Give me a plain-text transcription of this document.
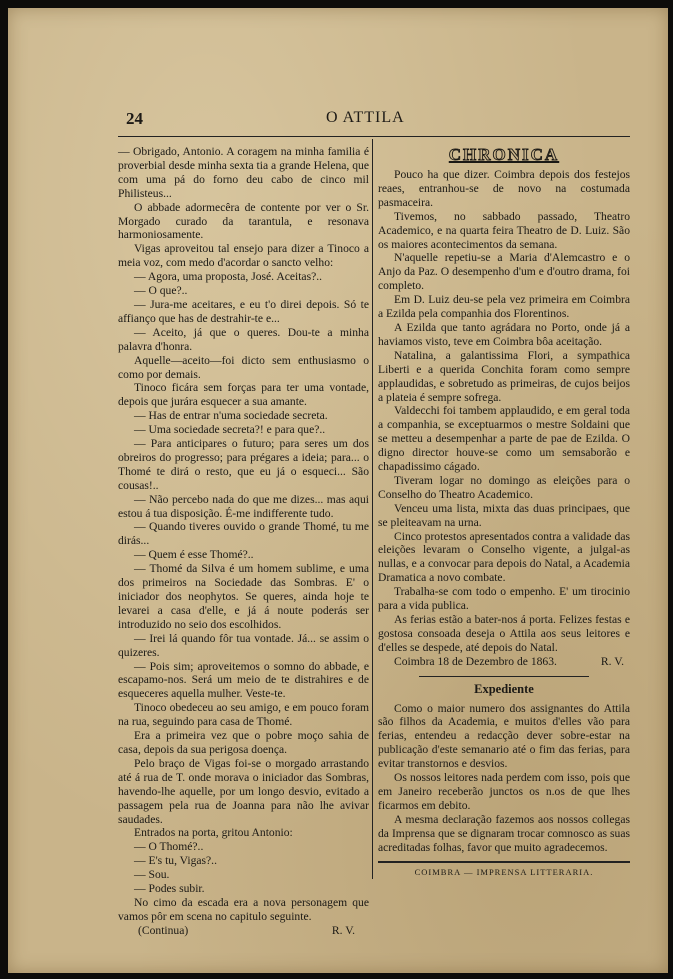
24	O ATTILA

— Obrigado, Antonio. A coragem na minha familia é proverbial desde minha sexta tia a grande Helena, que com uma pá do forno deu cabo de cinco mil Philisteus...

O abbade adormecêra de contente por ver o Sr. Morgado curado da tarantula, e resonava harmoniosamente.

Vigas aproveitou tal ensejo para dizer a Tinoco a meia voz, com medo d'acordar o sancto velho:

— Agora, uma proposta, José. Aceitas?..

— O que?..

— Jura-me aceitares, e eu t'o direi depois. Só te affianço que has de destrahir-te e...

— Aceito, já que o queres. Dou-te a minha palavra d'honra.

Aquelle—aceito—foi dicto sem enthusiasmo o como por demais.

Tinoco ficára sem forças para ter uma vontade, depois que jurára esquecer a sua amante.

— Has de entrar n'uma sociedade secreta.

— Uma sociedade secreta?! e para que?..

— Para anticipares o futuro; para seres um dos obreiros do progresso; para prégares a ideia; para... o Thomé te dirá o resto, que eu já o esqueci... São cousas!..

— Não percebo nada do que me dizes... mas aqui estou á tua disposição. É-me indifferente tudo.

— Quando tiveres ouvido o grande Thomé, tu me dirás...

— Quem é esse Thomé?..

— Thomé da Silva é um homem sublime, e uma dos primeiros na Sociedade das Sombras. E' o iniciador dos neophytos. Se queres, ainda hoje te levarei a casa d'elle, e já á noute poderás ser introduzido no seio dos escolhidos.

— Irei lá quando fôr tua vontade. Já... se assim o quizeres.

— Pois sim; aproveitemos o somno do abbade, e escapamo-nos. Será um meio de te distrahires e de esqueceres aquella mulher. Veste-te.

Tinoco obedeceu ao seu amigo, e em pouco foram na rua, seguindo para casa de Thomé.

Era a primeira vez que o pobre moço sahia de casa, depois da sua perigosa doença.

Pelo braço de Vigas foi-se o morgado arrastando até á rua de T. onde morava o iniciador das Sombras, havendo-lhe aquelle, por um longo desvio, evitado a passagem pela rua de Joanna para não lhe avivar saudades.

Entrados na porta, gritou Antonio:

— O Thomé?..

— E's tu, Vigas?..

— Sou.

— Podes subir.

No cimo da escada era a nova personagem que vamos pôr em scena no capitulo seguinte.

(Continua)	R. V.
CHRONICA

Pouco ha que dizer. Coimbra depois dos festejos reaes, entranhou-se de novo na costumada pasmaceira.

Tivemos, no sabbado passado, Theatro Academico, e na quarta feira Theatro de D. Luiz. São os maiores acontecimentos da semana.

N'aquelle repetiu-se a Maria d'Alemcastro e o Anjo da Paz. O desempenho d'um e d'outro drama, foi completo.

Em D. Luiz deu-se pela vez primeira em Coimbra a Ezilda pela companhia dos Florentinos.

A Ezilda que tanto agrádara no Porto, onde já a haviamos visto, teve em Coimbra bôa aceitação.

Natalina, a galantissima Flori, a sympathica Liberti e a querida Conchita foram como sempre applaudidas, e sobretudo as primeiras, de cujos beijos a plateia é sempre sofrega.

Valdecchi foi tambem applaudido, e em geral toda a companhia, se exceptuarmos o mestre Soldaini que se metteu a desempenhar a parte de pae de Ezilda. O digno director houve-se como um semsaborão e chapadissimo cágado.

Tiveram logar no domingo as eleições para o Conselho do Theatro Academico.

Venceu uma lista, mixta das duas principaes, que se pleiteavam na urna.

Cinco protestos apresentados contra a validade das eleições levaram o Conselho vigente, a julgal-as nullas, e a convocar para depois do Natal, a Academia Dramatica a novo combate.

Trabalha-se com todo o empenho. E' um tirocinio para a vida publica.

As ferias estão a bater-nos á porta. Felizes festas e gostosa consoada deseja o Attila aos seus leitores e d'elles se despede, até depois do Natal.

Coimbra 18 de Dezembro de 1863.	R. V.
Expediente

Como o maior numero dos assignantes do Attila são filhos da Academia, e muitos d'elles vão para ferias, entendeu a redacção dever sobre-estar na publicação d'este semanario até o fim das ferias, para evitar transtornos e desvios.

Os nossos leitores nada perdem com isso, pois que em Janeiro receberão junctos os n.os de que lhes ficarmos em debito.

A mesma declaração fazemos aos nossos collegas da Imprensa que se dignaram trocar comnosco as suas acreditadas folhas, favor que muito agradecemos.

COIMBRA — IMPRENSA LITTERARIA.
